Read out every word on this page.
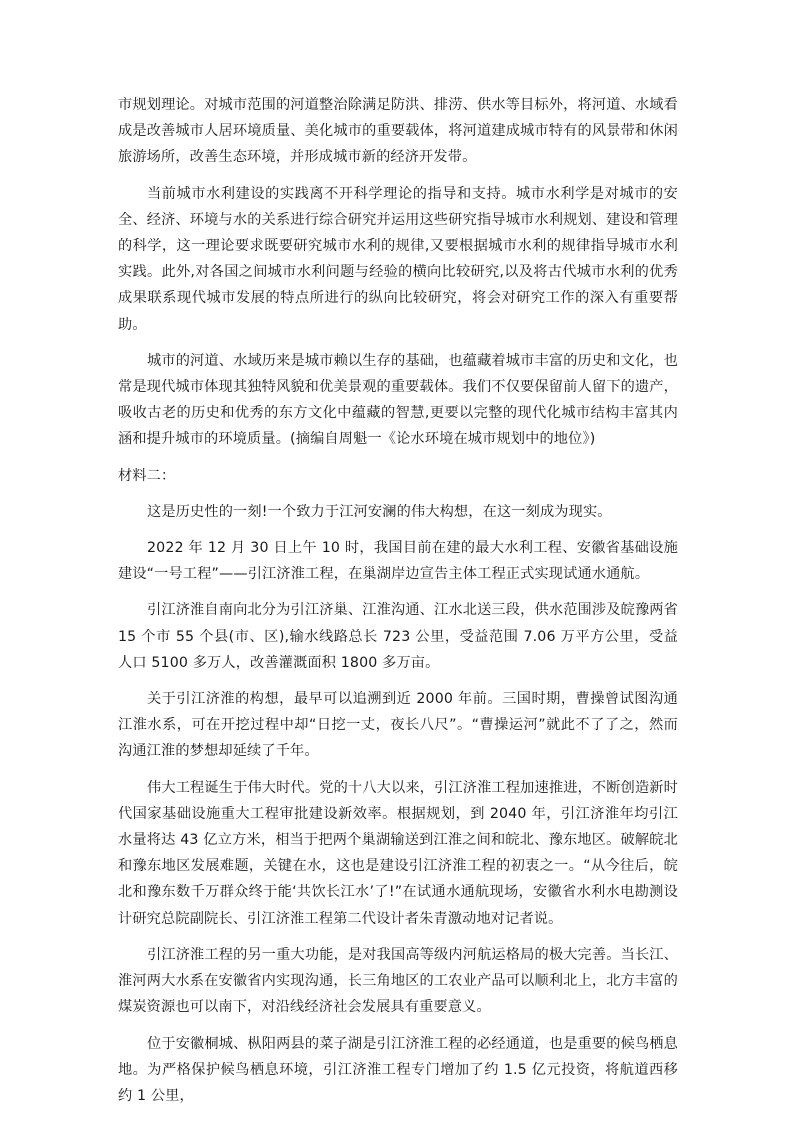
市规划理论。对城市范围的河道整治除满足防洪、排涝、供水等目标外，将河道、水域看成是改善城市人居环境质量、美化城市的重要载体，将河道建成城市特有的风景带和休闲旅游场所，改善生态环境，并形成城市新的经济开发带。

当前城市水利建设的实践离不开科学理论的指导和支持。城市水利学是对城市的安全、经济、环境与水的关系进行综合研究并运用这些研究指导城市水利规划、建设和管理的科学，这一理论要求既要研究城市水利的规律,又要根据城市水利的规律指导城市水利实践。此外,对各国之间城市水利问题与经验的横向比较研究,以及将古代城市水利的优秀成果联系现代城市发展的特点所进行的纵向比较研究，将会对研究工作的深入有重要帮助。

城市的河道、水域历来是城市赖以生存的基础，也蕴藏着城市丰富的历史和文化，也常是现代城市体现其独特风貌和优美景观的重要载体。我们不仅要保留前人留下的遗产，吸收古老的历史和优秀的东方文化中蕴藏的智慧,更要以完整的现代化城市结构丰富其内涵和提升城市的环境质量。(摘编自周魁一《论水环境在城市规划中的地位》)

材料二：

这是历史性的一刻!一个致力于江河安澜的伟大构想，在这一刻成为现实。

2022 年 12 月 30 日上午 10 时，我国目前在建的最大水利工程、安徽省基础设施建设“一号工程”——引江济淮工程，在巢湖岸边宣告主体工程正式实现试通水通航。

引江济淮自南向北分为引江济巢、江淮沟通、江水北送三段，供水范围涉及皖豫两省 15 个市 55 个县(市、区),输水线路总长 723 公里，受益范围 7.06 万平方公里，受益人口 5100 多万人，改善灌溉面积 1800 多万亩。

关于引江济淮的构想，最早可以追溯到近 2000 年前。三国时期，曹操曾试图沟通江淮水系，可在开挖过程中却“日挖一丈，夜长八尺”。“曹操运河”就此不了了之，然而沟通江淮的梦想却延续了千年。

伟大工程诞生于伟大时代。党的十八大以来，引江济淮工程加速推进，不断创造新时代国家基础设施重大工程审批建设新效率。根据规划，到 2040 年，引江济淮年均引江水量将达 43 亿立方米，相当于把两个巢湖输送到江淮之间和皖北、豫东地区。破解皖北和豫东地区发展难题，关键在水，这也是建设引江济淮工程的初衷之一。“从今往后，皖北和豫东数千万群众终于能‘共饮长江水’了!”在试通水通航现场，安徽省水利水电勘测设计研究总院副院长、引江济淮工程第二代设计者朱青激动地对记者说。

引江济淮工程的另一重大功能，是对我国高等级内河航运格局的极大完善。当长江、淮河两大水系在安徽省内实现沟通，长三角地区的工农业产品可以顺利北上，北方丰富的煤炭资源也可以南下，对沿线经济社会发展具有重要意义。

位于安徽桐城、枞阳两县的菜子湖是引江济淮工程的必经通道，也是重要的候鸟栖息地。为严格保护候鸟栖息环境，引江济淮工程专门增加了约 1.5 亿元投资，将航道西移约 1 公里，
